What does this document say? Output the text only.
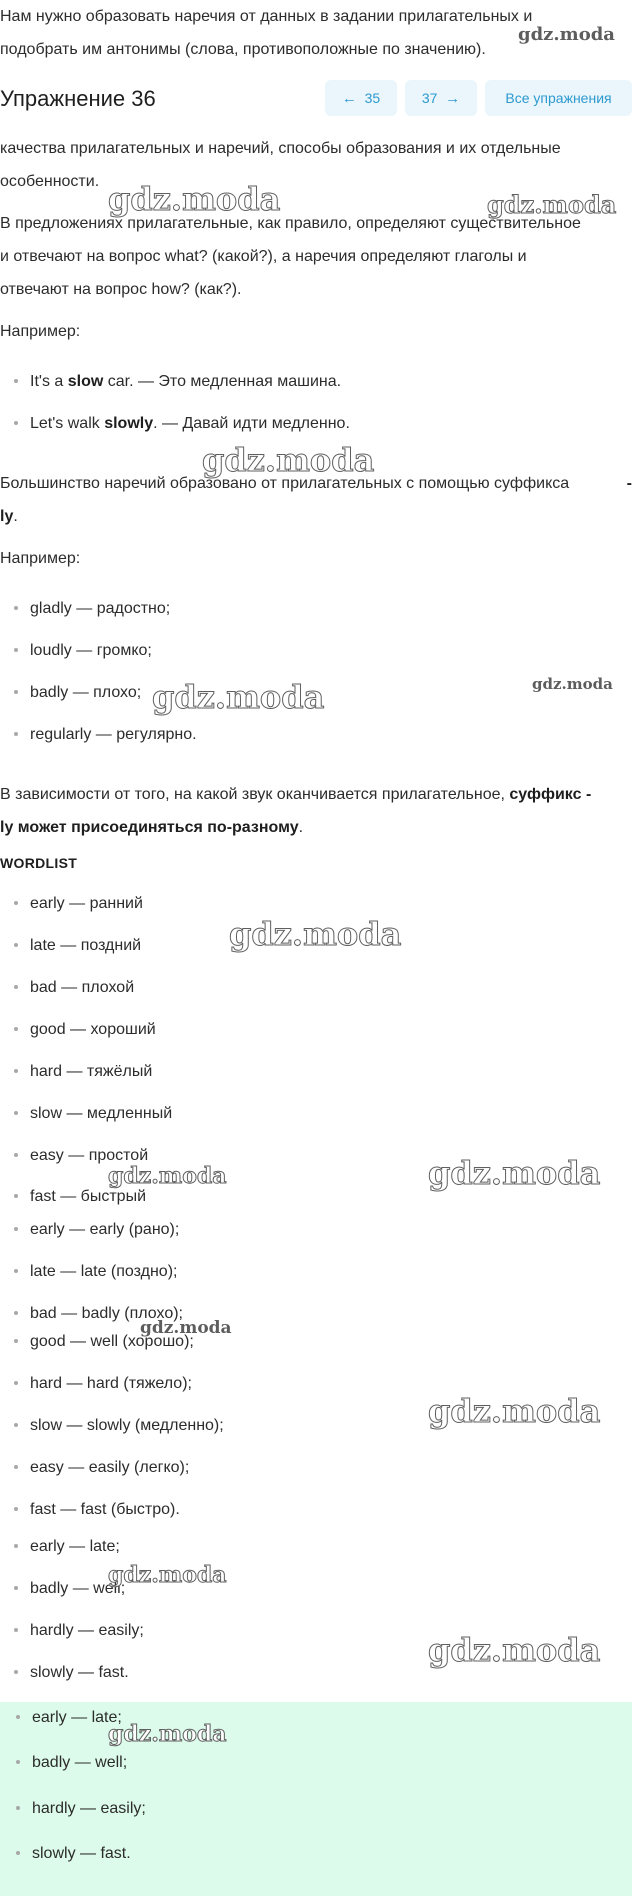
Нам нужно образовать наречия от данных в задании прилагательных и

подобрать им антонимы (слова, противоположные по значению).

Упражнение 36	← 35	37 →	Все упражнения

качества прилагательных и наречий, способы образования и их отдельные

особенности.

В предложениях прилагательные, как правило, определяют существительное

и отвечают на вопрос what? (какой?), а наречия определяют глаголы и

отвечают на вопрос how? (как?).

Например:

It's a slow car. — Это медленная машина.
Let's walk slowly. — Давай идти медленно.

Большинство наречий образовано от прилагательных с помощью суффикса	-

ly.

Например:

gladly — радостно;
loudly — громко;
badly — плохо;
regularly — регулярно.

В зависимости от того, на какой звук оканчивается прилагательное, суффикс -

ly может присоединяться по-разному.

WORDLIST
early — ранний
late — поздний
bad — плохой
good — хороший
hard — тяжёлый
slow — медленный
easy — простой
fast — быстрый
early — early (рано);
late — late (поздно);
bad — badly (плохо);
good — well (хорошо);
hard — hard (тяжело);
slow — slowly (медленно);
easy — easily (легко);
fast — fast (быстро).
early — late;
badly — well;
hardly — easily;
slowly — fast.
early — late;
badly — well;
hardly — easily;
slowly — fast.
gdz.moda
gdz.moda	gdz.moda
gdz.moda
gdz.moda
gdz.moda
gdz.moda
gdz.moda	gdz.moda
gdz.moda
gdz.moda
gdz.moda
gdz.moda
gdz.moda
